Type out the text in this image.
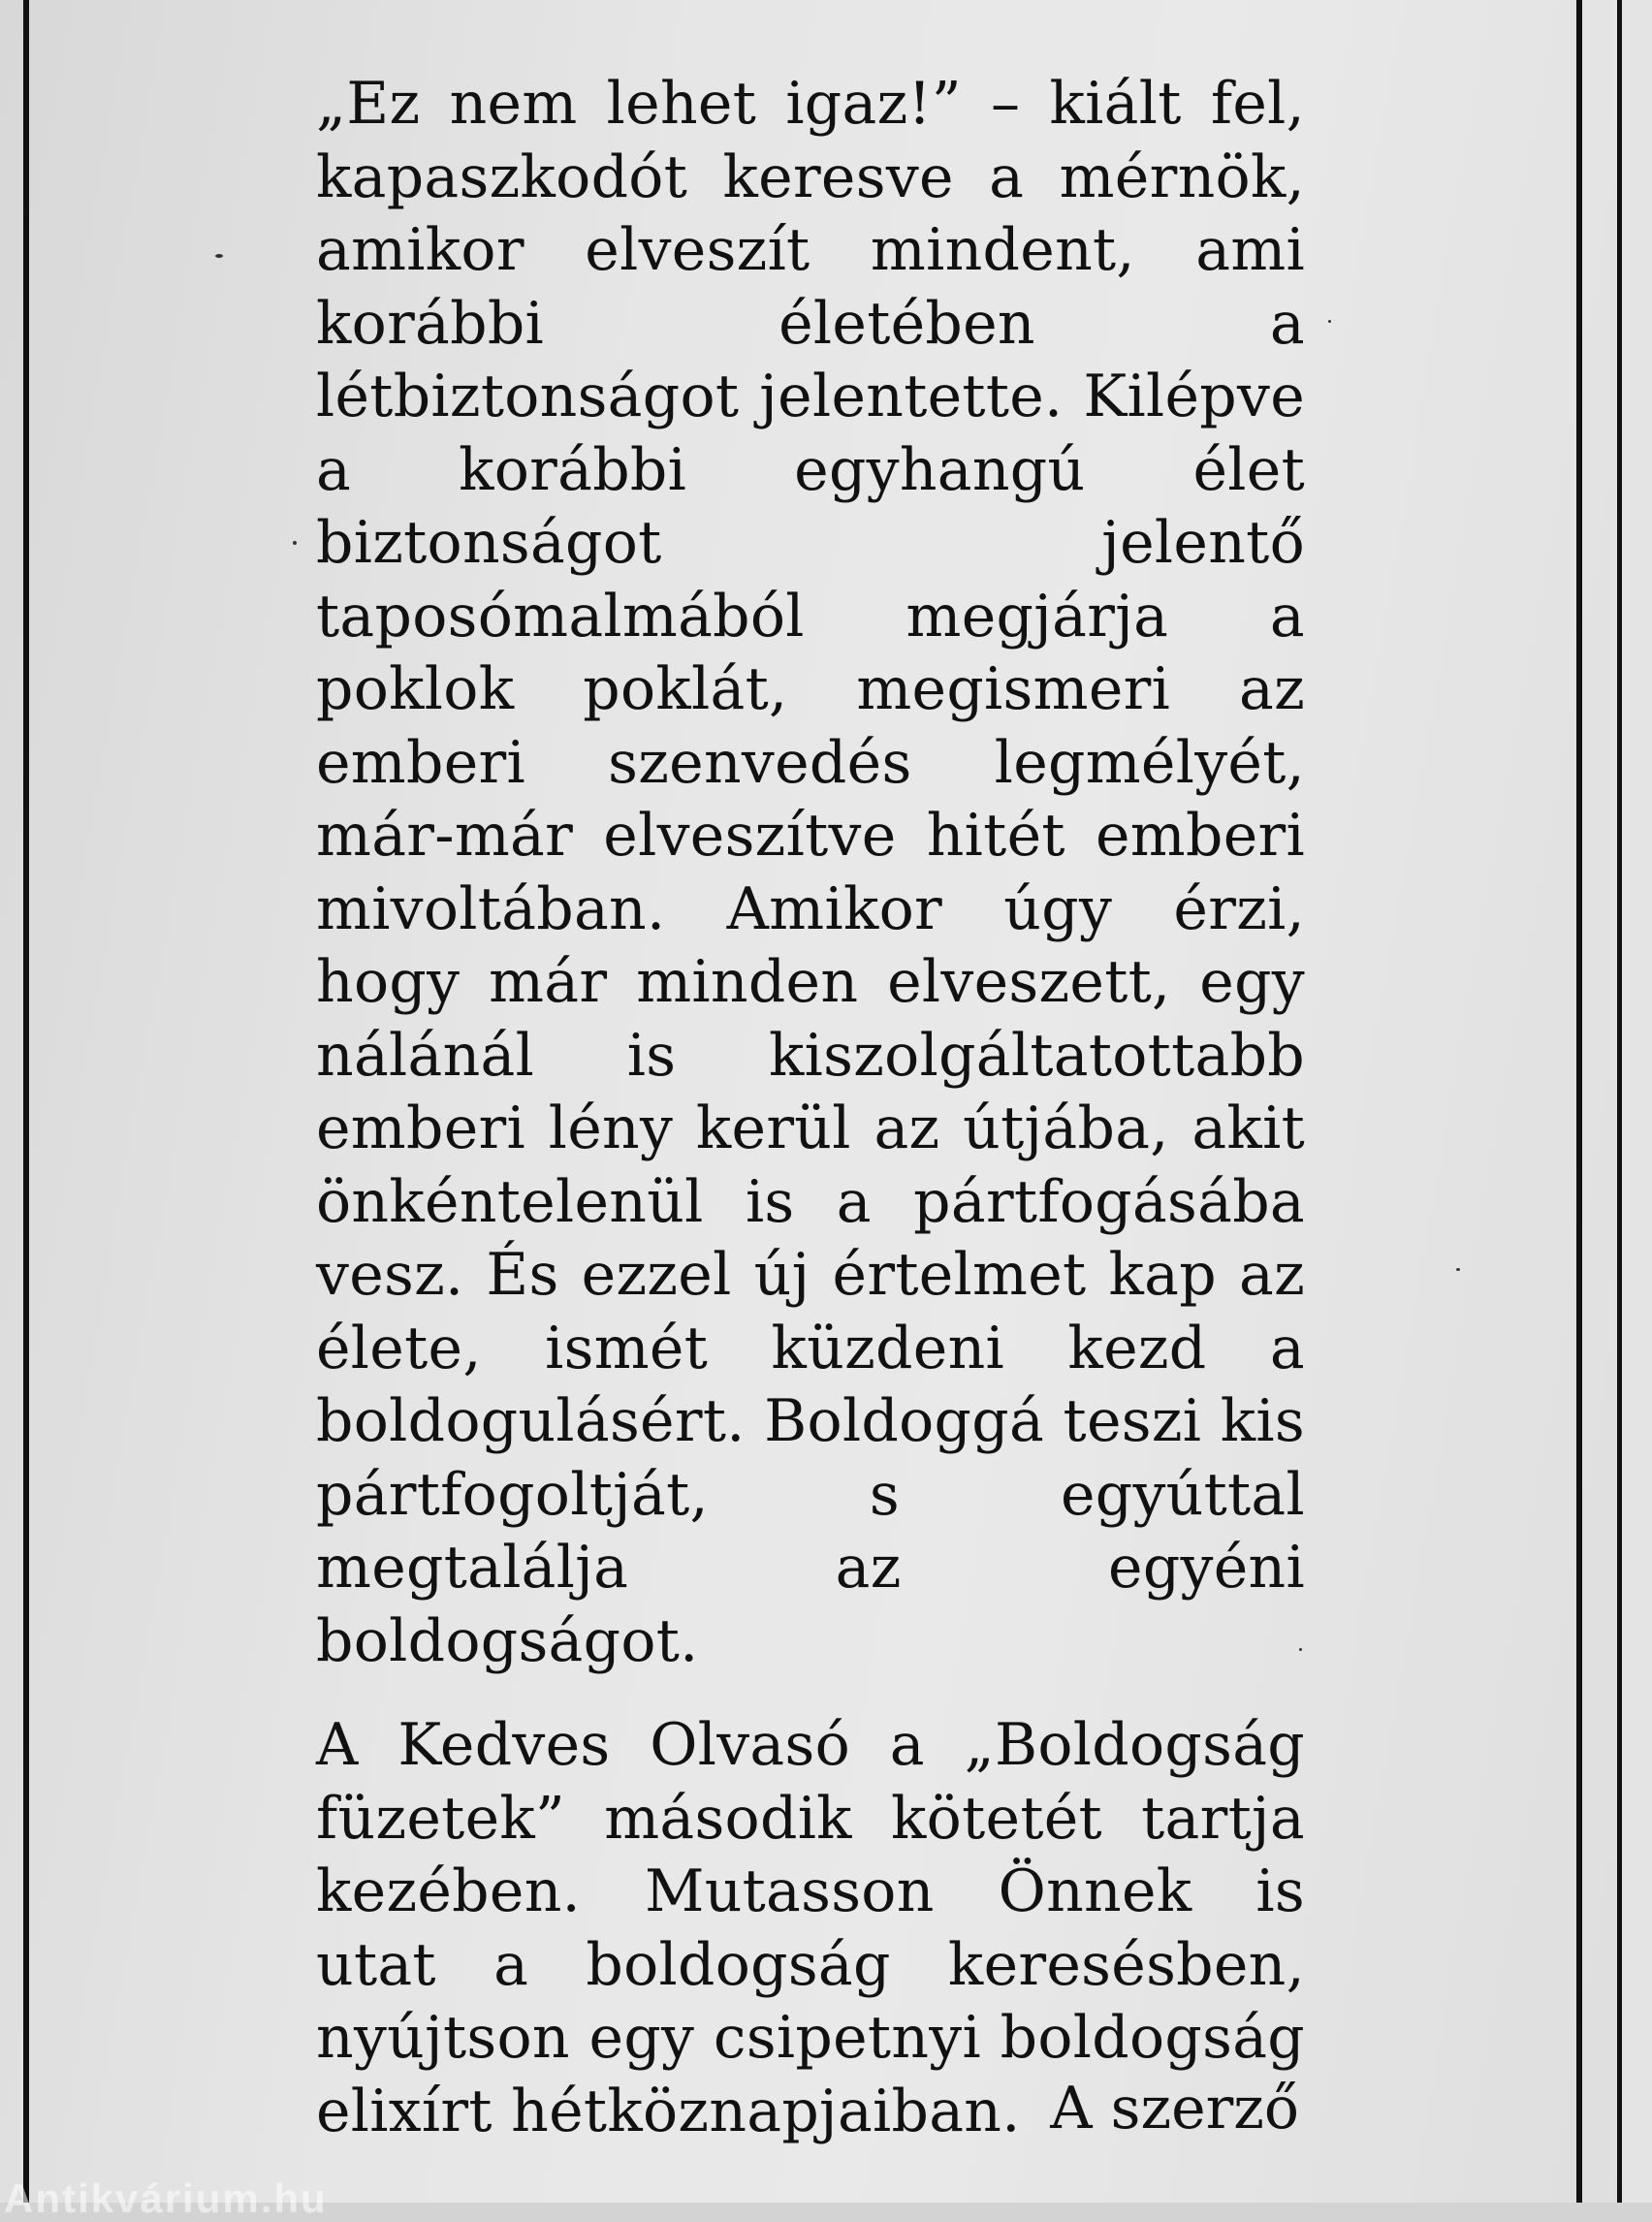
„Ez nem lehet igaz!” – kiált fel, kapaszkodót keresve a mérnök, amikor elveszít mindent, ami korábbi életében a létbiztonságot jelentette. Kilépve a korábbi egyhangú élet biztonságot jelentő taposómalmából megjárja a poklok poklát, megismeri az emberi szenvedés legmélyét, már-már elveszítve hitét emberi mivoltában. Amikor úgy érzi, hogy már minden elveszett, egy nálánál is kiszolgáltatottabb emberi lény kerül az útjába, akit önkéntelenül is a pártfogásába vesz. És ezzel új értelmet kap az élete, ismét küzdeni kezd a boldogulásért. Boldoggá teszi kis pártfogoltját, s egyúttal megtalálja az egyéni boldogságot.

A Kedves Olvasó a „Boldogság füzetek” második kötetét tartja kezében. Mutasson Önnek is utat a boldogság keresésben, nyújtson egy csipetnyi boldogság elixírt hétköznapjaiban. A szerző
Antikvárium.hu
